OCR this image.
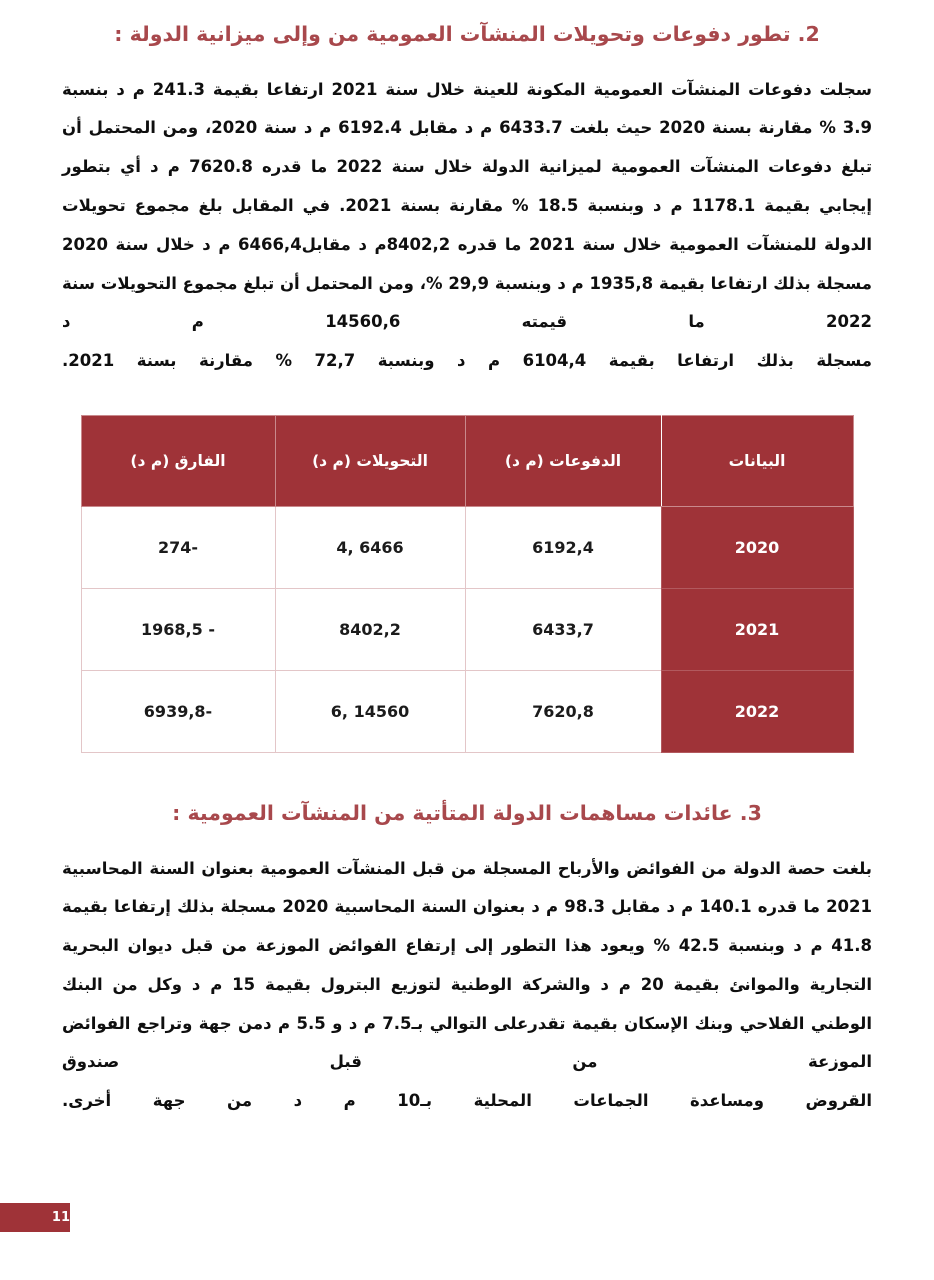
2. تطور دفوعات وتحويلات المنشآت العمومية من وإلى ميزانية الدولة :
سجلت دفوعات المنشآت العمومية المكونة للعينة خلال سنة 2021 ارتفاعا بقيمة 241.3 م د بنسبة 3.9 % مقارنة بسنة 2020 حيث بلغت 6433.7 م د مقابل 6192.4 م د سنة 2020، ومن المحتمل أن تبلغ دفوعات المنشآت العمومية لميزانية الدولة خلال سنة 2022 ما قدره 7620.8 م د أي بتطور إيجابي بقيمة 1178.1 م د وبنسبة 18.5 % مقارنة بسنة 2021. في المقابل بلغ مجموع تحويلات الدولة للمنشآت العمومية خلال سنة 2021 ما قدره 8402,2م د مقابل6466,4 م د خلال سنة 2020 مسجلة بذلك ارتفاعا بقيمة 1935,8 م د وبنسبة 29,9 %، ومن المحتمل أن تبلغ مجموع التحويلات سنة 2022 ما قيمته 14560,6 م د
مسجلة بذلك ارتفاعا بقيمة 6104,4 م د وبنسبة 72,7 % مقارنة بسنة 2021.
البيانات	الدفوعات (م د)	التحويلات (م د)	الفارق (م د)
2020	6192,4	6466 ,4	-274
2021	6433,7	8402,2	- 1968,5
2022	7620,8	14560 ,6	-6939,8
3. عائدات مساهمات الدولة المتأتية من المنشآت العمومية :
بلغت حصة الدولة من الفوائض والأرباح المسجلة من قبل المنشآت العمومية بعنوان السنة المحاسبية 2021 ما قدره 140.1 م د مقابل 98.3 م د بعنوان السنة المحاسبية 2020 مسجلة بذلك إرتفاعا بقيمة 41.8 م د وبنسبة 42.5 % ويعود هذا التطور إلى إرتفاع الفوائض الموزعة من قبل ديوان البحرية التجارية والموانئ بقيمة 20 م د والشركة الوطنية لتوزيع البترول بقيمة 15 م د وكل من البنك الوطني الفلاحي وبنك الإسكان بقيمة تقدرعلى التوالي بـ7.5 م د و 5.5 م دمن جهة وتراجع الفوائض الموزعة من قبل صندوق
القروض ومساعدة الجماعات المحلية بـ10 م د من جهة أخرى.
11
